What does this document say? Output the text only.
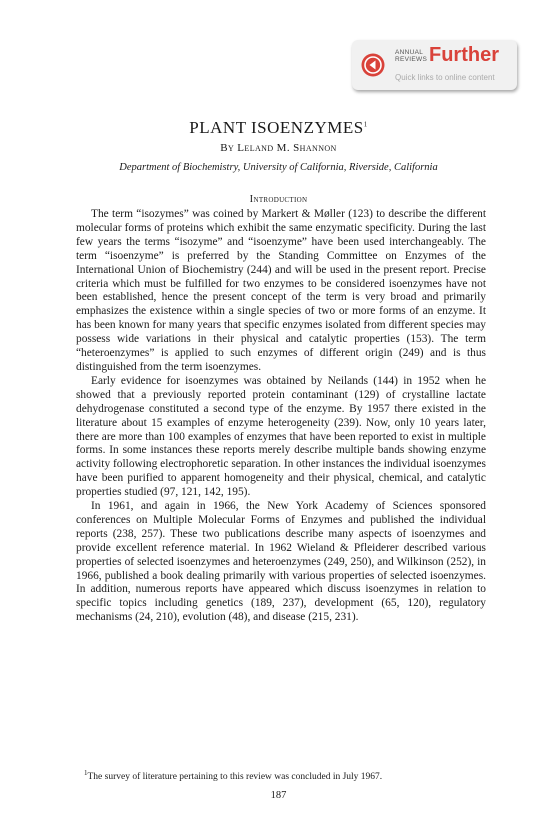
ANNUAL
REVIEWS Further
Quick links to online content
PLANT ISOENZYMES$^1$
By Leland M. Shannon
Department of Biochemistry, University of California, Riverside, California
Introduction

The term “isozymes” was coined by Markert & Møller (123) to describe the different molecular forms of proteins which exhibit the same enzymatic specificity. During the last few years the terms “isozyme” and “isoenzyme” have been used interchangeably. The term “isoenzyme” is preferred by the Standing Committee on Enzymes of the International Union of Biochemistry (244) and will be used in the present report. Precise criteria which must be fulfilled for two enzymes to be considered isoenzymes have not been established, hence the present concept of the term is very broad and primarily emphasizes the existence within a single species of two or more forms of an enzyme. It has been known for many years that specific enzymes isolated from different species may possess wide variations in their physical and catalytic properties (153). The term “heteroenzymes” is applied to such enzymes of different origin (249) and is thus distinguished from the term isoenzymes.

Early evidence for isoenzymes was obtained by Neilands (144) in 1952 when he showed that a previously reported protein contaminant (129) of crystalline lactate dehydrogenase constituted a second type of the enzyme. By 1957 there existed in the literature about 15 examples of enzyme heterogeneity (239). Now, only 10 years later, there are more than 100 examples of enzymes that have been reported to exist in multiple forms. In some instances these reports merely describe multiple bands showing enzyme activity following electrophoretic separation. In other instances the individual isoenzymes have been purified to apparent homogeneity and their physical, chemical, and catalytic properties studied (97, 121, 142, 195).

In 1961, and again in 1966, the New York Academy of Sciences sponsored conferences on Multiple Molecular Forms of Enzymes and published the individual reports (238, 257). These two publications describe many aspects of isoenzymes and provide excellent reference material. In 1962 Wieland & Pfleiderer described various properties of selected isoenzymes and heteroenzymes (249, 250), and Wilkinson (252), in 1966, published a book dealing primarily with various properties of selected isoenzymes. In addition, numerous reports have appeared which discuss isoenzymes in relation to specific topics including genetics (189, 237), development (65, 120), regulatory mechanisms (24, 210), evolution (48), and disease (215, 231).

$^1$The survey of literature pertaining to this review was concluded in July 1967.
187
